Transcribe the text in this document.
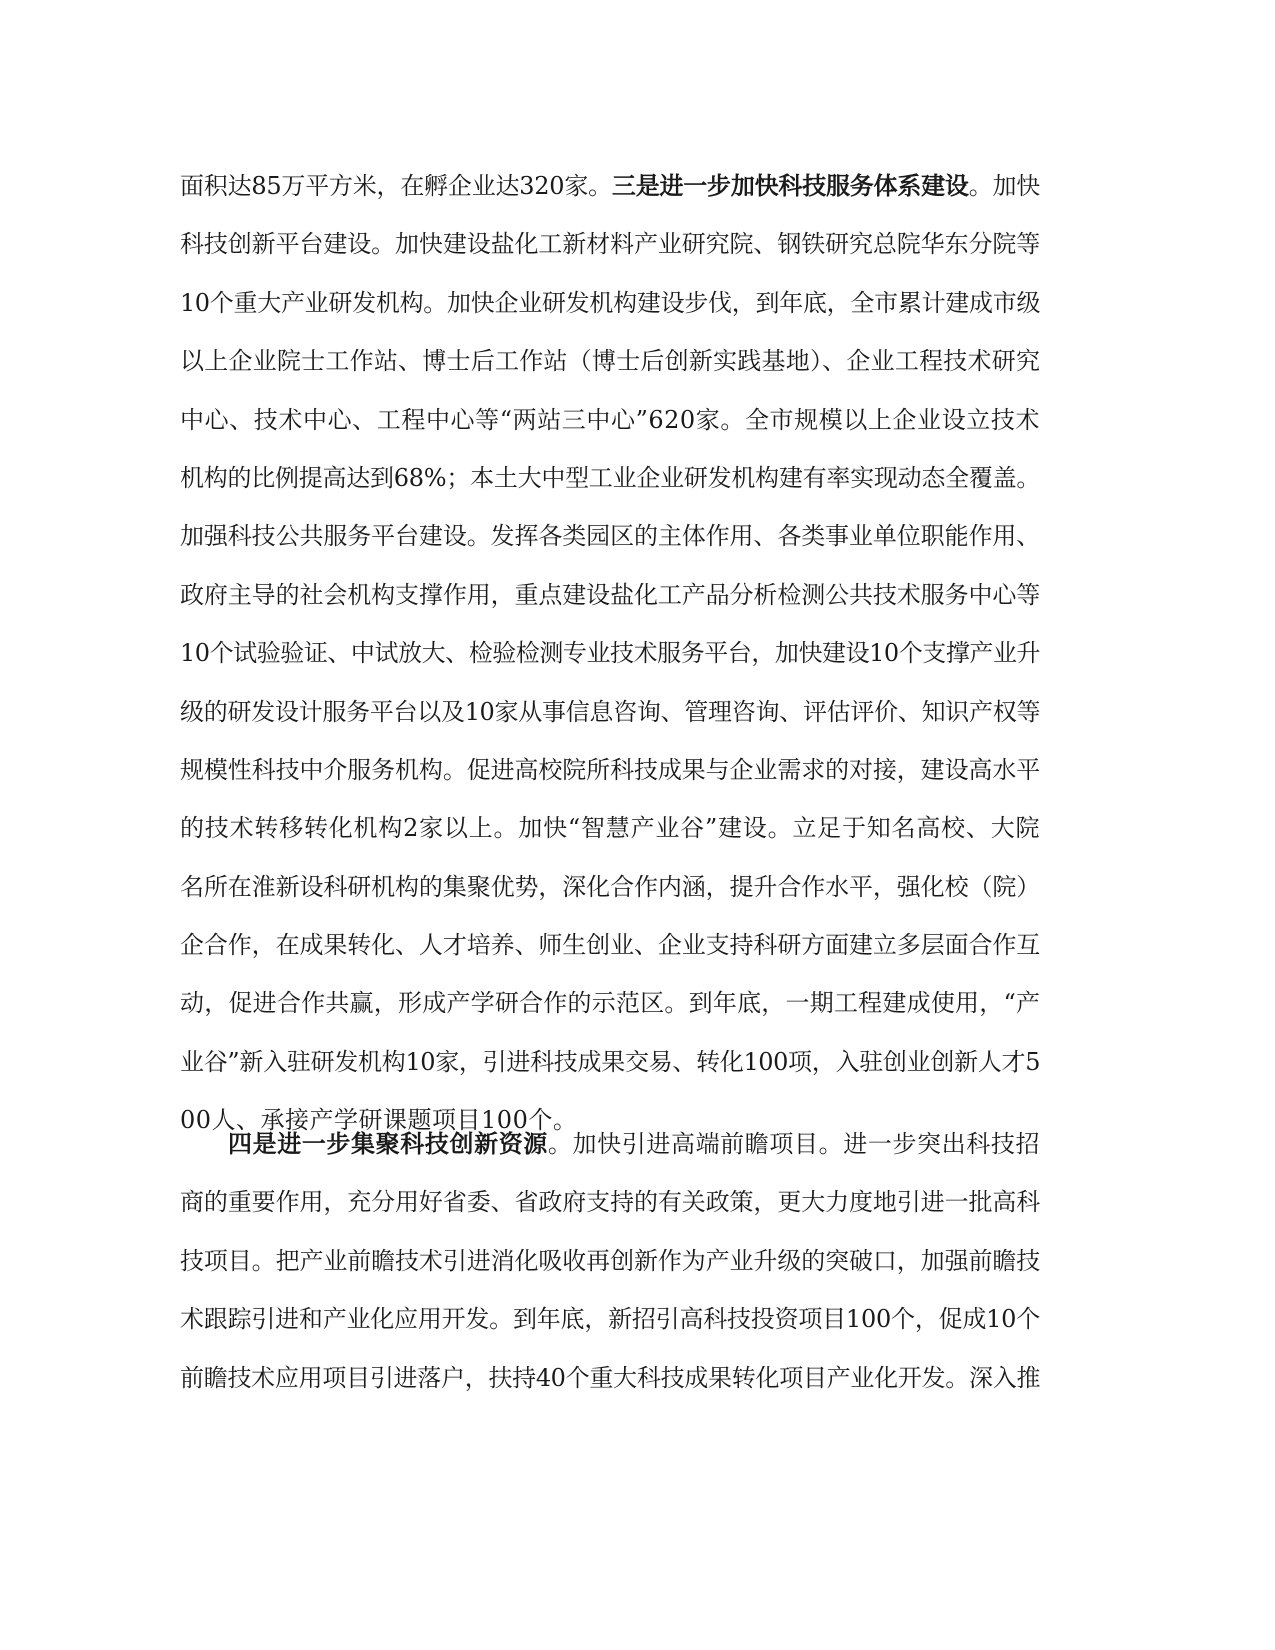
面积达85万平方米，在孵企业达320家。三是进一步加快科技服务体系建设。加快
科技创新平台建设。加快建设盐化工新材料产业研究院、钢铁研究总院华东分院等
10个重大产业研发机构。加快企业研发机构建设步伐，到年底，全市累计建成市级
以上企业院士工作站、博士后工作站（博士后创新实践基地）、企业工程技术研究
中心、技术中心、工程中心等“两站三中心”620家。全市规模以上企业设立技术
机构的比例提高达到68%；本土大中型工业企业研发机构建有率实现动态全覆盖。
加强科技公共服务平台建设。发挥各类园区的主体作用、各类事业单位职能作用、
政府主导的社会机构支撑作用，重点建设盐化工产品分析检测公共技术服务中心等
10个试验验证、中试放大、检验检测专业技术服务平台，加快建设10个支撑产业升
级的研发设计服务平台以及10家从事信息咨询、管理咨询、评估评价、知识产权等
规模性科技中介服务机构。促进高校院所科技成果与企业需求的对接，建设高水平
的技术转移转化机构2家以上。加快“智慧产业谷”建设。立足于知名高校、大院
名所在淮新设科研机构的集聚优势，深化合作内涵，提升合作水平，强化校（院）
企合作，在成果转化、人才培养、师生创业、企业支持科研方面建立多层面合作互
动，促进合作共赢，形成产学研合作的示范区。到年底，一期工程建成使用，“产
业谷”新入驻研发机构10家，引进科技成果交易、转化100项，入驻创业创新人才5
00人、承接产学研课题项目100个。
四是进一步集聚科技创新资源。加快引进高端前瞻项目。进一步突出科技招
商的重要作用，充分用好省委、省政府支持的有关政策，更大力度地引进一批高科
技项目。把产业前瞻技术引进消化吸收再创新作为产业升级的突破口，加强前瞻技
术跟踪引进和产业化应用开发。到年底，新招引高科技投资项目100个，促成10个
前瞻技术应用项目引进落户，扶持40个重大科技成果转化项目产业化开发。深入推
